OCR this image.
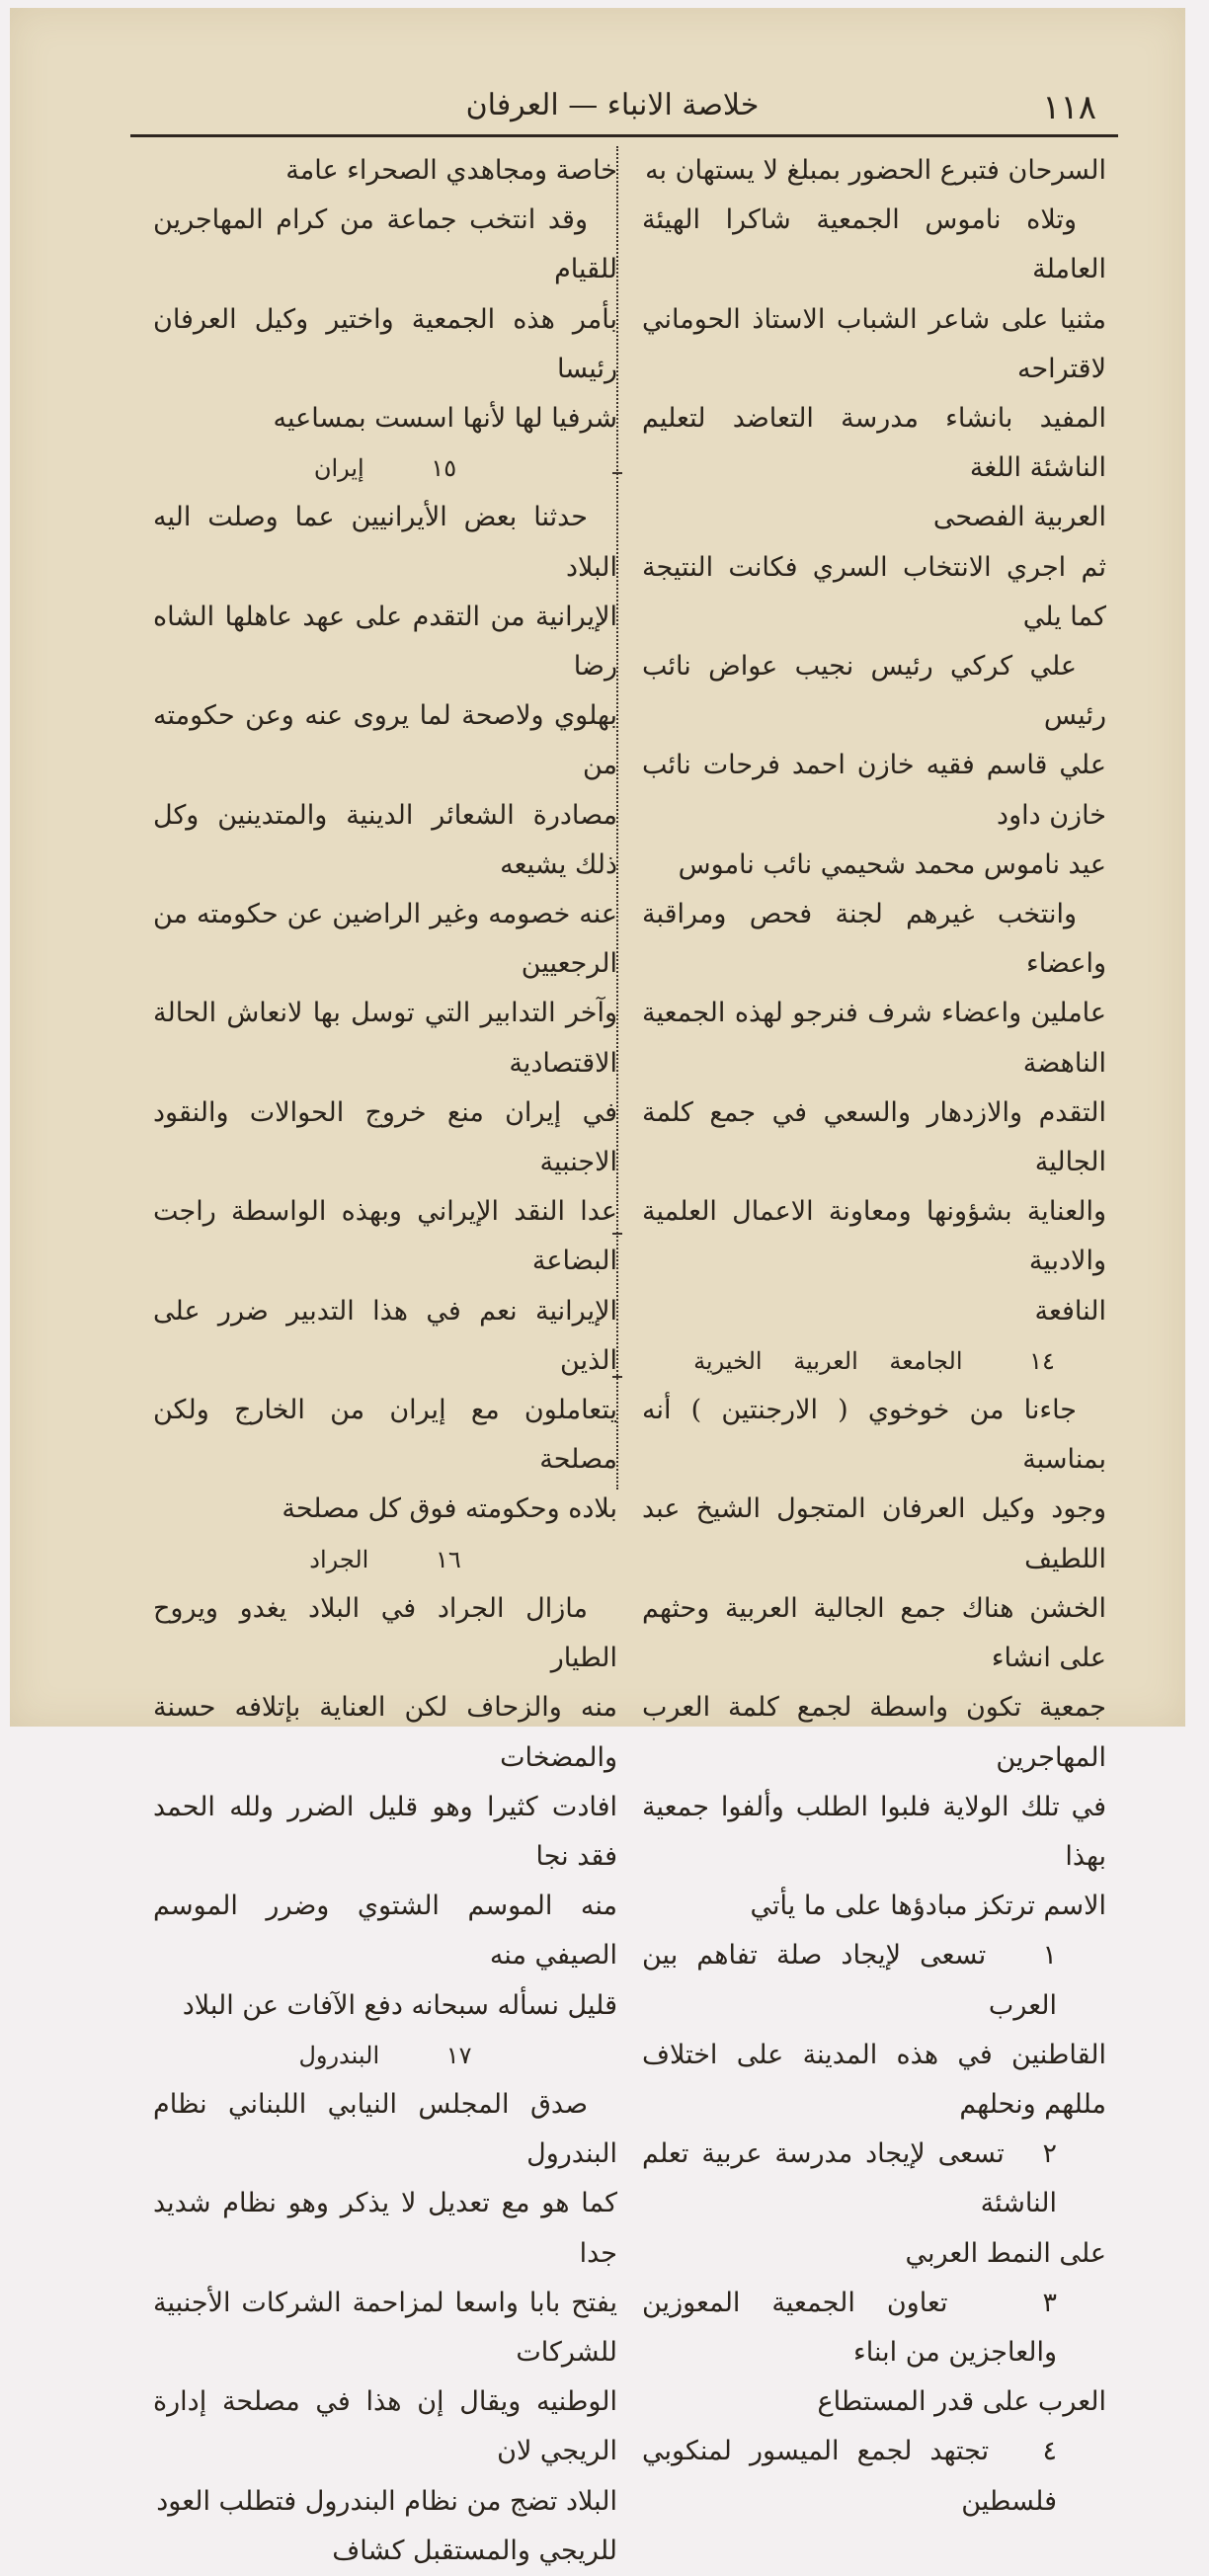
١١٨
خلاصة الانباء — العرفان

السرحان فتبرع الحضور بمبلغ لا يستهان به

وتلاه ناموس الجمعية شاكرا الهيئة العاملة

مثنيا على شاعر الشباب الاستاذ الحوماني لاقتراحه

المفيد بانشاء مدرسة التعاضد لتعليم الناشئة اللغة

العربية الفصحى

ثم اجري الانتخاب السري فكانت النتيجة كما يلي

علي كركي رئيس نجيب عواض نائب رئيس

علي قاسم فقيه خازن احمد فرحات نائب خازن داود

عيد ناموس محمد شحيمي نائب ناموس

وانتخب غيرهم لجنة فحص ومراقبة واعضاء

عاملين واعضاء شرف فنرجو لهذه الجمعية الناهضة

التقدم والازدهار والسعي في جمع كلمة الجالية

والعناية بشؤونها ومعاونة الاعمال العلمية والادبية

النافعة

١٤ الجامعة العربية الخيرية

جاءنا من خوخوي ( الارجنتين ) أنه بمناسبة

وجود وكيل العرفان المتجول الشيخ عبد اللطيف

الخشن هناك جمع الجالية العربية وحثهم على انشاء

جمعية تكون واسطة لجمع كلمة العرب المهاجرين

في تلك الولاية فلبوا الطلب وألفوا جمعية بهذا

الاسم ترتكز مبادؤها على ما يأتي

١   تسعى لإيجاد صلة تفاهم بين العرب

القاطنين في هذه المدينة على اختلاف مللهم ونحلهم

٢   تسعى لإيجاد مدرسة عربية تعلم الناشئة

على النمط العربي

٣   تعاون الجمعية المعوزين والعاجزين من ابناء

العرب على قدر المستطاع

٤   تجتهد لجمع الميسور لمنكوبي فلسطين

خاصة ومجاهدي الصحراء عامة

وقد انتخب جماعة من كرام المهاجرين للقيام

بأمر هذه الجمعية واختير وكيل العرفان رئيسا

شرفيا لها لأنها اسست بمساعيه

١٥ إيران

حدثنا بعض الأيرانيين عما وصلت اليه البلاد

الإيرانية من التقدم على عهد عاهلها الشاه رضا

بهلوي ولاصحة لما يروى عنه وعن حكومته من

مصادرة الشعائر الدينية والمتدينين وكل ذلك يشيعه

عنه خصومه وغير الراضين عن حكومته من الرجعيين

وآخر التدابير التي توسل بها لانعاش الحالة الاقتصادية

في إيران منع خروج الحوالات والنقود الاجنبية

عدا النقد الإيراني وبهذه الواسطة راجت البضاعة

الإيرانية نعم في هذا التدبير ضرر على الذين

يتعاملون مع إيران من الخارج ولكن مصلحة

بلاده وحكومته فوق كل مصلحة

١٦ الجراد

مازال الجراد في البلاد يغدو ويروح الطيار

منه والزحاف لكن العناية بإتلافه حسنة والمضخات

افادت كثيرا وهو قليل الضرر ولله الحمد فقد نجا

منه الموسم الشتوي وضرر الموسم الصيفي منه

قليل نسأله سبحانه دفع الآفات عن البلاد

١٧ البندرول

صدق المجلس النيابي اللبناني نظام البندرول

كما هو مع تعديل لا يذكر وهو نظام شديد جدا

يفتح بابا واسعا لمزاحمة الشركات الأجنبية للشركات

الوطنيه ويقال إن هذا في مصلحة إدارة الريجي لان

البلاد تضج من نظام البندرول فتطلب العود

للريجي والمستقبل كشاف
